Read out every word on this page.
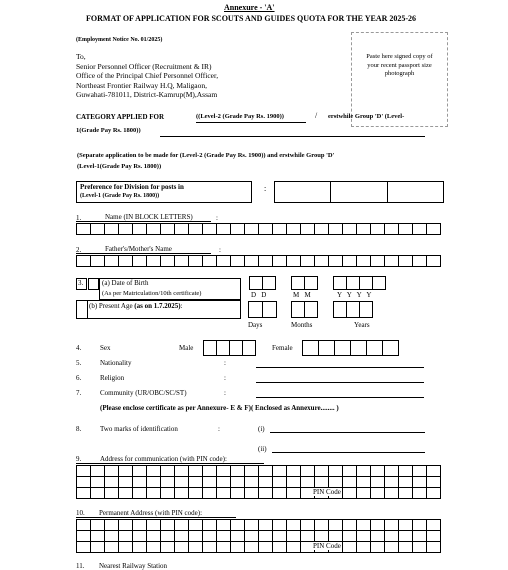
Annexure - 'A'
FORMAT OF APPLICATION FOR SCOUTS AND GUIDES QUOTA FOR THE YEAR 2025-26
(Employment Notice No. 01/2025)
To,
Senior Personnel Officer (Recruitment & IR)
Office of the Principal Chief Personnel Officer,
Northeast Frontier Railway H.Q, Maligaon,
Guwahati-781011, District-Kamrup(M),Assam
Paste here signed copy of
your recent passport size
photograph
CATEGORY APPLIED FOR	((Level-2 (Grade Pay Rs. 1900))	/ erstwhile Group 'D' (Level-
1(Grade Pay Rs. 1800))
(Separate application to be made for (Level-2 (Grade Pay Rs. 1900)) and erstwhile Group 'D'
(Level-1(Grade Pay Rs. 1800))
Preference for Division for posts in
(Level-1 (Grade Pay Rs. 1800))
:
1.	Name (IN BLOCK LETTERS)	:

2.	Father's/Mother's Name	:

3.	(a) Date of Birth
(As per Matriculation/10th certificate)
(b) Present Age (as on 1.7.2025):
D   D	M   M	Y   Y   Y   Y
Days	Months	Years
4.	Sex	Male	Female
5.	Nationality	:
6.	Religion	:
7.	Community (UR/OBC/SC/ST)	:
(Please enclose certificate as per Annexure- E & F)( Enclosed as Annexure........ )
8.	Two marks of identification	:	(i)
(ii)
9.	Address for communication (with PIN code):

PIN Code
10. Permanent Address (with PIN code):

PIN Code
11. Nearest Railway Station
